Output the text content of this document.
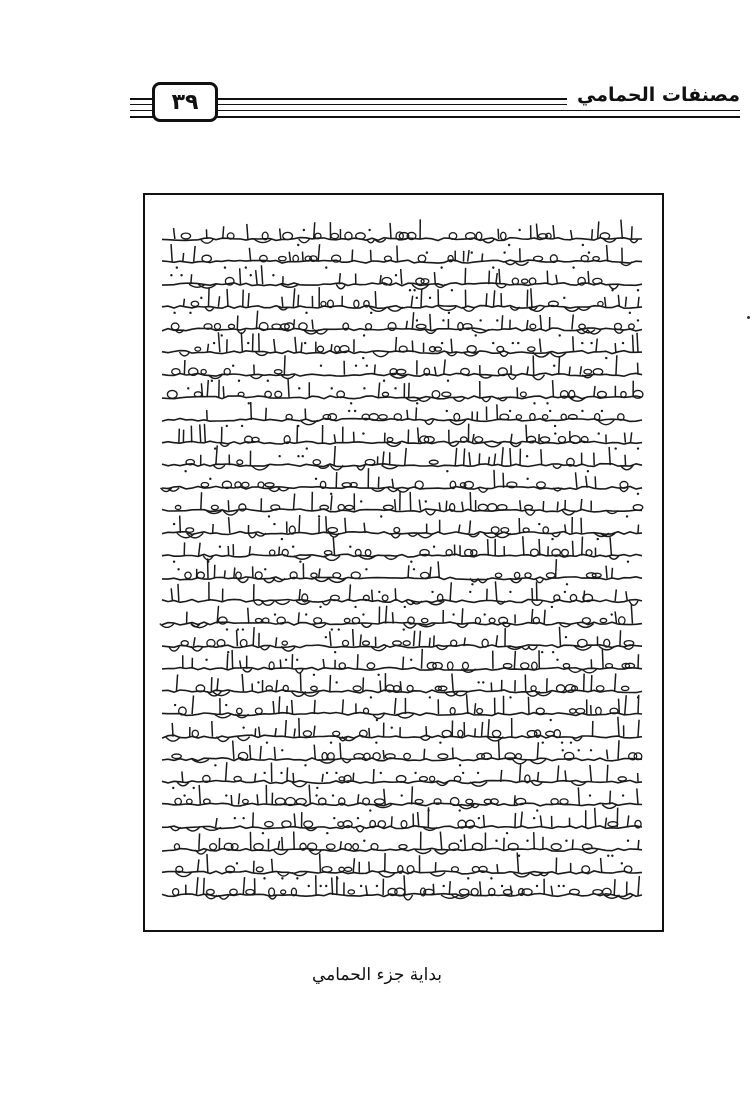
مصنفات الحمامي
٣٩
بداية جزء الحمامي
